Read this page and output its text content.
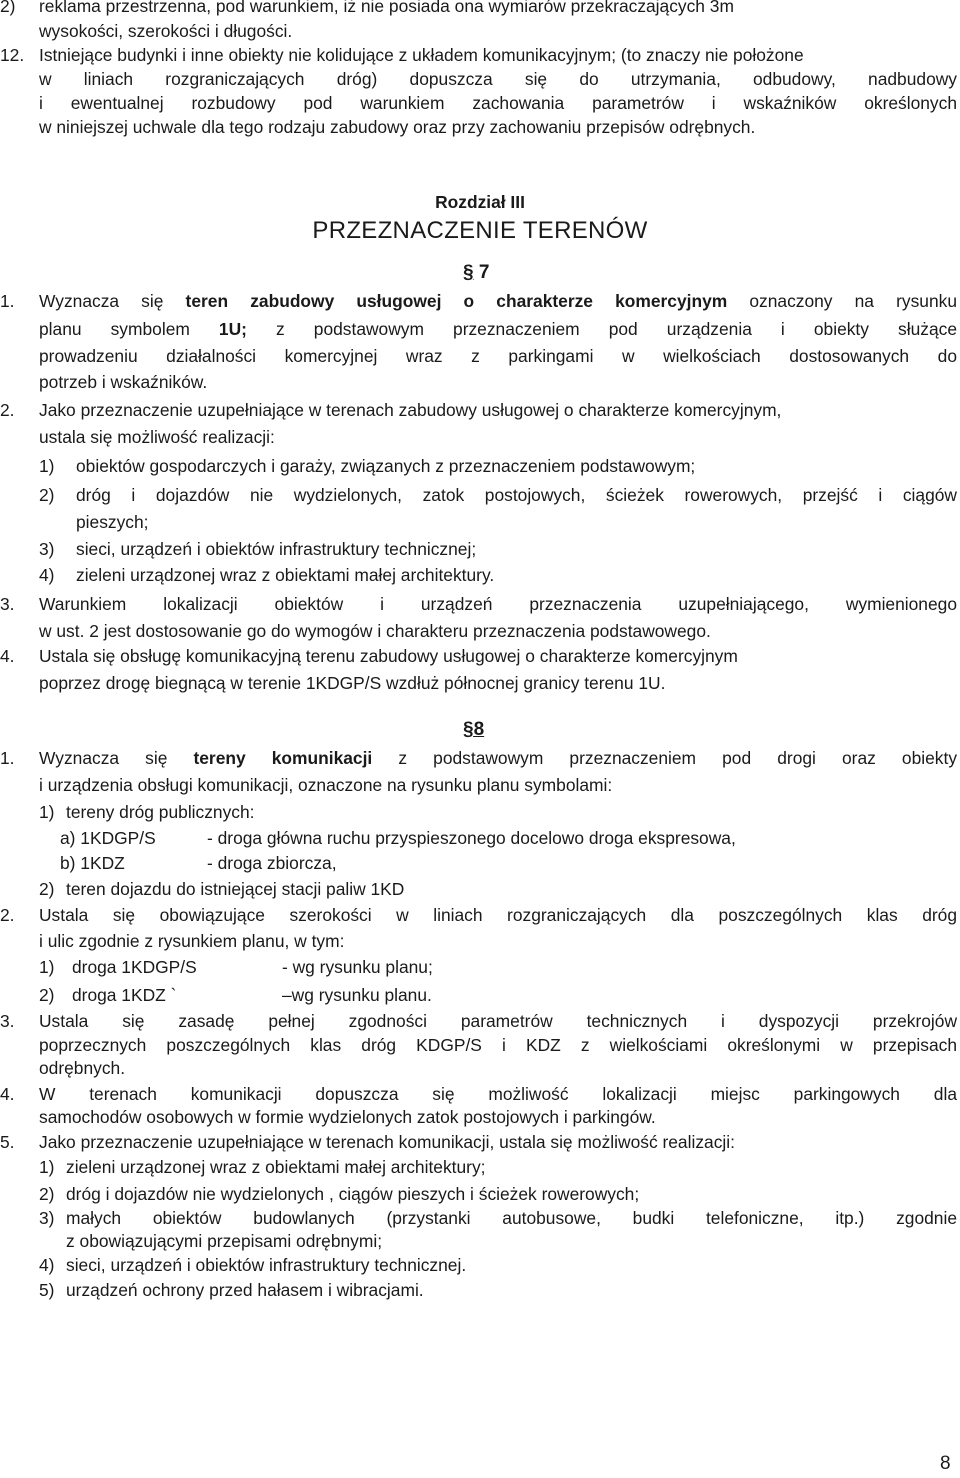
2) reklama przestrzenna, pod warunkiem, iż nie posiada ona wymiarów przekraczających 3m
wysokości, szerokości i długości.
12. Istniejące budynki i inne obiekty nie kolidujące z układem komunikacyjnym; (to znaczy nie położone
w liniach rozgraniczających dróg) dopuszcza się do utrzymania, odbudowy, nadbudowy
i ewentualnej rozbudowy pod warunkiem zachowania parametrów i wskaźników określonych
w niniejszej uchwale dla tego rodzaju zabudowy oraz przy zachowaniu przepisów odrębnych.
Rozdział III
PRZEZNACZENIE TERENÓW
§ 7
1. Wyznacza się teren zabudowy usługowej o charakterze komercyjnym oznaczony na rysunku
planu symbolem 1U; z podstawowym przeznaczeniem pod urządzenia i obiekty służące
prowadzeniu działalności komercyjnej wraz z parkingami w wielkościach dostosowanych do
potrzeb i wskaźników.
2. Jako przeznaczenie uzupełniające w terenach zabudowy usługowej o charakterze komercyjnym,
ustala się możliwość realizacji:
1) obiektów gospodarczych i garaży, związanych z przeznaczeniem podstawowym;
2) dróg i dojazdów nie wydzielonych, zatok postojowych, ścieżek rowerowych, przejść i ciągów
pieszych;
3) sieci, urządzeń i obiektów infrastruktury technicznej;
4) zieleni urządzonej wraz z obiektami małej architektury.
3. Warunkiem lokalizacji obiektów i urządzeń przeznaczenia uzupełniającego, wymienionego
w ust. 2 jest dostosowanie go do wymogów i charakteru przeznaczenia podstawowego.
4. Ustala się obsługę komunikacyjną terenu zabudowy usługowej o charakterze komercyjnym
poprzez drogę biegnącą w terenie 1KDGP/S wzdłuż północnej granicy terenu 1U.
§8
1. Wyznacza się tereny komunikacji z podstawowym przeznaczeniem pod drogi oraz obiekty
i urządzenia obsługi komunikacji, oznaczone na rysunku planu symbolami:
1) tereny dróg publicznych:
a) 1KDGP/S	- droga główna ruchu przyspieszonego docelowo droga ekspresowa,
b) 1KDZ	- droga zbiorcza,
2) teren dojazdu do istniejącej stacji paliw 1KD
2. Ustala się obowiązujące szerokości w liniach rozgraniczających dla poszczególnych klas dróg
i ulic zgodnie z rysunkiem planu, w tym:
1) droga 1KDGP/S	- wg rysunku planu;
2) droga 1KDZ `	–wg rysunku planu.
3. Ustala się zasadę pełnej zgodności parametrów technicznych i dyspozycji przekrojów
poprzecznych poszczególnych klas dróg KDGP/S i KDZ z wielkościami określonymi w przepisach
odrębnych.
4. W terenach komunikacji dopuszcza się możliwość lokalizacji miejsc parkingowych dla
samochodów osobowych w formie wydzielonych zatok postojowych i parkingów.
5. Jako przeznaczenie uzupełniające w terenach komunikacji, ustala się możliwość realizacji:
1) zieleni urządzonej wraz z obiektami małej architektury;
2) dróg i dojazdów nie wydzielonych , ciągów pieszych i ścieżek rowerowych;
3) małych obiektów budowlanych (przystanki autobusowe, budki telefoniczne, itp.) zgodnie
z obowiązującymi przepisami odrębnymi;
4) sieci, urządzeń i obiektów infrastruktury technicznej.
5) urządzeń ochrony przed hałasem i wibracjami.
8
